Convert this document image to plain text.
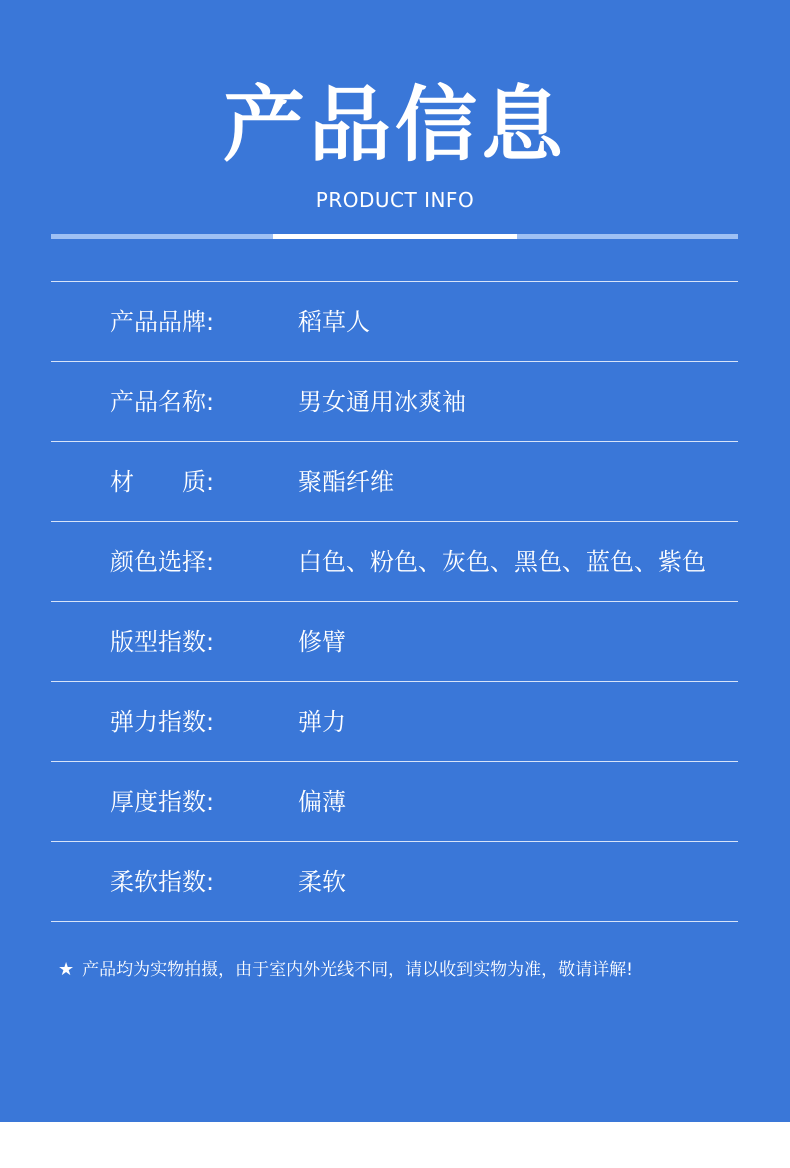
产品信息
PRODUCT INFO
产品品牌:	稻草人
产品名称:	男女通用冰爽袖
材　　质:	聚酯纤维
颜色选择:	白色、粉色、灰色、黑色、蓝色、紫色
版型指数:	修臂
弹力指数:	弹力
厚度指数:	偏薄
柔软指数:	柔软
★ 产品均为实物拍摄，由于室内外光线不同，请以收到实物为准，敬请详解!
